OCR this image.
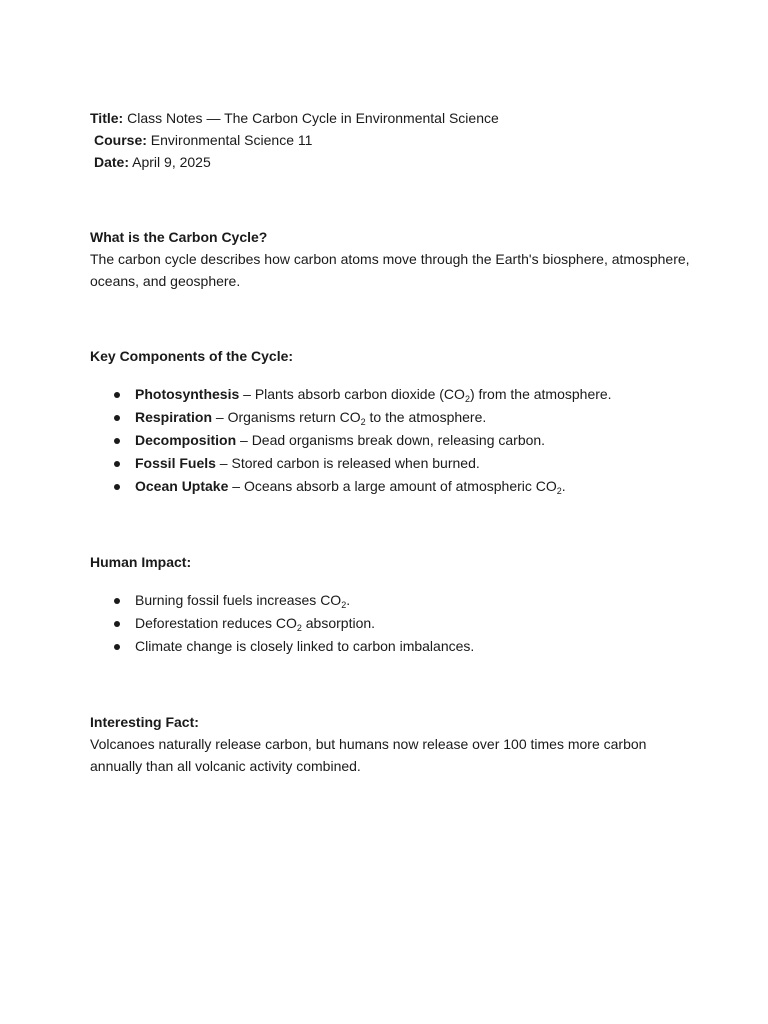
Title: Class Notes — The Carbon Cycle in Environmental Science
Course: Environmental Science 11
Date: April 9, 2025
What is the Carbon Cycle?
The carbon cycle describes how carbon atoms move through the Earth's biosphere, atmosphere, oceans, and geosphere.
Key Components of the Cycle:
Photosynthesis – Plants absorb carbon dioxide $(CO_2)$ from the atmosphere.
Respiration – Organisms return $CO_2$ to the atmosphere.
Decomposition – Dead organisms break down, releasing carbon.
Fossil Fuels – Stored carbon is released when burned.
Ocean Uptake – Oceans absorb a large amount of atmospheric $CO_2$.
Human Impact:
Burning fossil fuels increases $CO_2$.
Deforestation reduces $CO_2$ absorption.
Climate change is closely linked to carbon imbalances.
Interesting Fact:
Volcanoes naturally release carbon, but humans now release over 100 times more carbon annually than all volcanic activity combined.
